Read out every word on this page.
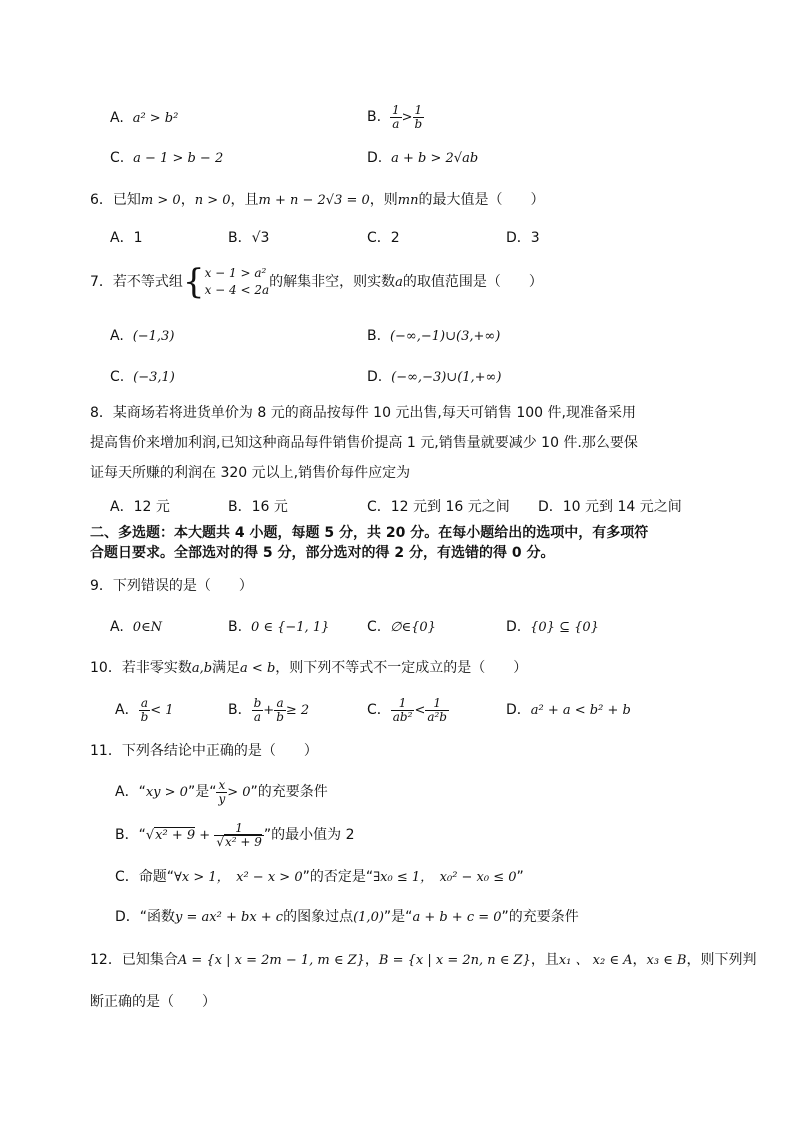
A. a² > b²	B. $\frac{1}{a} > \frac{1}{b}$
C. a − 1 > b − 2	D. a + b > 2√ab
6．已知m > 0，n > 0，且m + n − 2√3 = 0，则mn的最大值是（　　）
A．1	B．√3	C．2	D．3
7．若不等式组{ x − 1 > a²
x − 4 < 2a 的解集非空，则实数a的取值范围是（　　）
A. (−1,3)	B. (−∞,−1)∪(3,+∞)
C. (−3,1)	D. (−∞,−3)∪(1,+∞)
8．某商场若将进货单价为 8 元的商品按每件 10 元出售,每天可销售 100 件,现准备采用
提高售价来增加利润,已知这种商品每件销售价提高 1 元,销售量就要减少 10 件.那么要保
证每天所赚的利润在 320 元以上,销售价每件应定为
A．12 元	B．16 元	C．12 元到 16 元之间 D．10 元到 14 元之间
二、多选题：本大题共 4 小题，每题 5 分，共 20 分。在每小题给出的选项中，有多项符
合题日要求。全部选对的得 5 分，部分选对的得 2 分，有选错的得 0 分。
9．下列错误的是（　　）
A. 0∈N	B. 0 ∈ {−1, 1}	C. ∅∈{0}	D. {0} ⊆ {0}
10．若非零实数a,b满足a < b，则下列不等式不一定成立的是（　　）
A． $\frac{a}{b} < 1$	B． $\frac{b}{a} + \frac{a}{b} \ge 2$	C． $\frac{1}{\text{ab²}} < \frac{1}{\text{a²b}}$	D．a² + a < b² + b
11．下列各结论中正确的是（　　）
A．“xy > 0”是“ $\frac{x}{y} > 0$”的充要条件
B．“$√x^2 + 9 + \frac{1}{\text{√x² + 9}}$ ”的最小值为 2
C．命题“∀x > 1，　x² − x > 0”的否定是“∃x₀ ≤ 1，　x₀² − x₀ ≤ 0”
D．“函数y = ax² + bx + c的图象过点(1,0)”是“a + b + c = 0”的充要条件
12．已知集合A = {x | x = 2m − 1, m ∈ Z}，B = {x | x = 2n, n ∈ Z}，且x₁ 、 x₂ ∈ A，x₃ ∈ B，则下列判
断正确的是（　　）
